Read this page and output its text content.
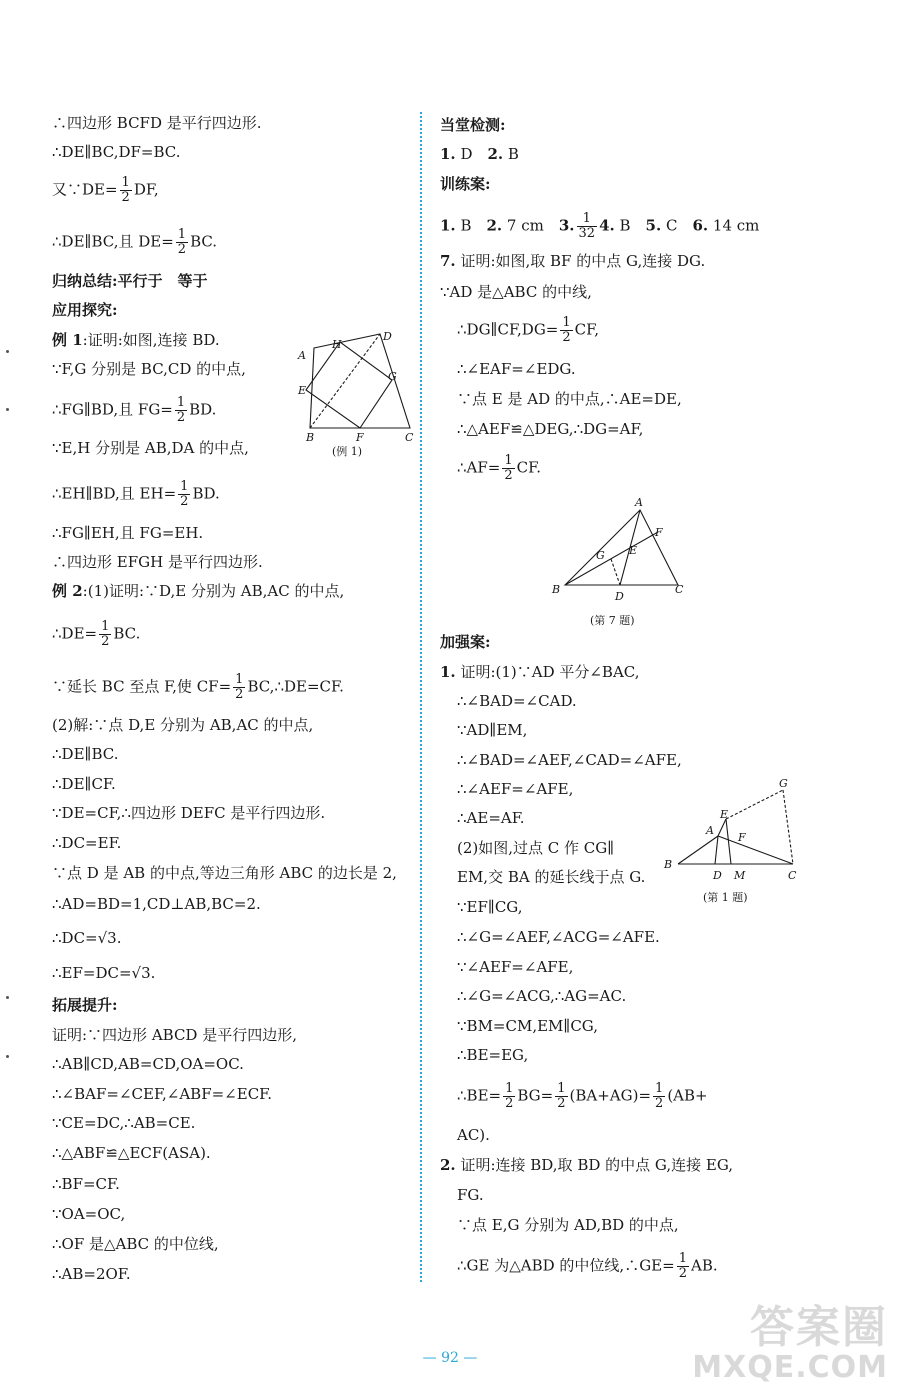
∴四边形 BCFD 是平行四边形.
∴DE∥BC,DF=BC.
又∵DE= $\frac{1}{2}$ DF,
∴DE∥BC,且 $DE= \frac{1}{2}$ BC.
归纳总结:平行于　等于
应用探究:
例 1:证明:如图,连接 BD.
∵F,G 分别是 BC,CD 的中点,
∴FG∥BD,且 $FG= \frac{1}{2}$ BD.
∵E,H 分别是 AB,DA 的中点,
∴EH∥BD,且 $EH= \frac{1}{2}$ BD.
∴FG∥EH,且 FG=EH.
∴四边形 EFGH 是平行四边形.
例 2:(1)证明:∵D,E 分别为 AB,AC 的中点,
∴DE= $\frac{1}{2}$ BC.
∵延长 BC 至点 F,使 $CF= \frac{1}{2}$ BC,∴DE=CF.
(2)解:∵点 D,E 分别为 AB,AC 的中点,
∴DE∥BC.
∴DE∥CF.
∵DE=CF,∴四边形 DEFC 是平行四边形.
∴DC=EF.
∵点 D 是 AB 的中点,等边三角形 ABC 的边长是 2,
∴AD=BD=1,CD⊥AB,BC=2.
∴DC=√3.
∴EF=DC=√3.
拓展提升:
证明:∵四边形 ABCD 是平行四边形,
∴AB∥CD,AB=CD,OA=OC.
∴∠BAF=∠CEF,∠ABF=∠ECF.
∵CE=DC,∴AB=CE.
∴△ABF≌△ECF(ASA).
∴BF=CF.
∵OA=OC,
∴OF 是△ABC 的中位线,
∴AB=2OF.
A
H
D
E
G
B	F	C
(例 1)
当堂检测:
1. D　2. B
训练案:
1. B　2. 7 cm　3. $\frac{1}{32} 4$. B　5. C　6. 14 cm
7. 证明:如图,取 BF 的中点 G,连接 DG.
∵AD 是△ABC 的中线,
∴DG∥CF,DG= $\frac{1}{2}$ CF,
∴∠EAF=∠EDG.
∵点 E 是 AD 的中点,∴AE=DE,
∴△AEF≌△DEG,∴DG=AF,
∴AF= $\frac{1}{2}$ CF.
加强案:
1. 证明:(1)∵AD 平分∠BAC,
∴∠BAD=∠CAD.
∵AD∥EM,
∴∠BAD=∠AEF,∠CAD=∠AFE,
∴∠AEF=∠AFE,
∴AE=AF.
(2)如图,过点 C 作 CG∥
EM,交 BA 的延长线于点 G.
∵EF∥CG,
∴∠G=∠AEF,∠ACG=∠AFE.
∵∠AEF=∠AFE,
∴∠G=∠ACG,∴AG=AC.
∵BM=CM,EM∥CG,
∴BE=EG,
∴BE= $\frac{1}{2} BG= \frac{1}{2} (BA+AG)= \frac{1}{2} (AB+$
AC).
2. 证明:连接 BD,取 BD 的中点 G,连接 EG,
FG.
∵点 E,G 分别为 AD,BD 的中点,
∴GE 为△ABD 的中位线,∴GE= $\frac{1}{2}$ AB.
A
F
G E
B
D
C
(第 7 题)
G
E
F
A
B
D M	C
(第 1 题)
— 92 —
答案圈
MXQE.COM
